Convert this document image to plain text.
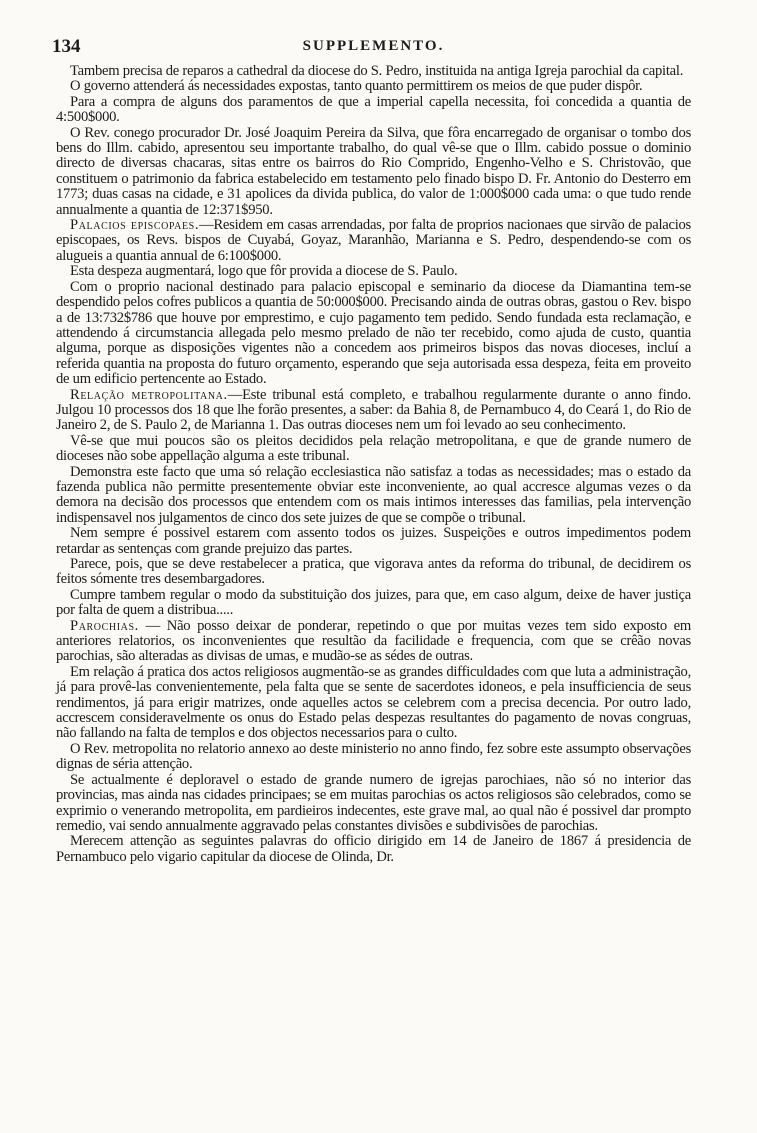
134	SUPPLEMENTO.

Tambem precisa de reparos a cathedral da diocese do S. Pedro, instituida na antiga Igreja parochial da capital.

O governo attenderá ás necessidades expostas, tanto quanto permittirem os meios de que puder dispôr.

Para a compra de alguns dos paramentos de que a imperial capella necessita, foi concedida a quantia de 4:500$000.

O Rev. conego procurador Dr. José Joaquim Pereira da Silva, que fôra encarregado de organisar o tombo dos bens do Illm. cabido, apresentou seu importante trabalho, do qual vê-se que o Illm. cabido possue o dominio directo de diversas chacaras, sitas entre os bairros do Rio Comprido, Engenho-Velho e S. Christovão, que constituem o patrimonio da fabrica estabelecido em testamento pelo finado bispo D. Fr. Antonio do Desterro em 1773; duas casas na cidade, e 31 apolices da divida publica, do valor de 1:000$000 cada uma: o que tudo rende annualmente a quantia de 12:371$950.

Palacios episcopaes.—Residem em casas arrendadas, por falta de proprios nacionaes que sirvão de palacios episcopaes, os Revs. bispos de Cuyabá, Goyaz, Maranhão, Marianna e S. Pedro, despendendo-se com os alugueis a quantia annual de 6:100$000.

Esta despeza augmentará, logo que fôr provida a diocese de S. Paulo.

Com o proprio nacional destinado para palacio episcopal e seminario da diocese da Diamantina tem-se despendido pelos cofres publicos a quantia de 50:000$000. Precisando ainda de outras obras, gastou o Rev. bispo a de 13:732$786 que houve por emprestimo, e cujo pagamento tem pedido. Sendo fundada esta reclamação, e attendendo á circumstancia allegada pelo mesmo prelado de não ter recebido, como ajuda de custo, quantia alguma, porque as disposições vigentes não a concedem aos primeiros bispos das novas dioceses, incluí a referida quantia na proposta do futuro orçamento, esperando que seja autorisada essa despeza, feita em proveito de um edificio pertencente ao Estado.

Relação metropolitana.—Este tribunal está completo, e trabalhou regularmente durante o anno findo. Julgou 10 processos dos 18 que lhe forão presentes, a saber: da Bahia 8, de Pernambuco 4, do Ceará 1, do Rio de Janeiro 2, de S. Paulo 2, de Marianna 1. Das outras dioceses nem um foi levado ao seu conhecimento.

Vê-se que mui poucos são os pleitos decididos pela relação metropolitana, e que de grande numero de dioceses não sobe appellação alguma a este tribunal.

Demonstra este facto que uma só relação ecclesiastica não satisfaz a todas as necessidades; mas o estado da fazenda publica não permitte presentemente obviar este inconveniente, ao qual accresce algumas vezes o da demora na decisão dos processos que entendem com os mais intimos interesses das familias, pela intervenção indispensavel nos julgamentos de cinco dos sete juizes de que se compõe o tribunal.

Nem sempre é possivel estarem com assento todos os juizes. Suspeições e outros impedimentos podem retardar as sentenças com grande prejuizo das partes.

Parece, pois, que se deve restabelecer a pratica, que vigorava antes da reforma do tribunal, de decidirem os feitos sómente tres desembargadores.

Cumpre tambem regular o modo da substituição dos juizes, para que, em caso algum, deixe de haver justiça por falta de quem a distribua.....

Parochias. — Não posso deixar de ponderar, repetindo o que por muitas vezes tem sido exposto em anteriores relatorios, os inconvenientes que resultão da facilidade e frequencia, com que se crêão novas parochias, são alteradas as divisas de umas, e mudão-se as sédes de outras.

Em relação á pratica dos actos religiosos augmentão-se as grandes difficuldades com que luta a administração, já para provê-las convenientemente, pela falta que se sente de sacerdotes idoneos, e pela insufficiencia de seus rendimentos, já para erigir matrizes, onde aquelles actos se celebrem com a precisa decencia. Por outro lado, accrescem consideravelmente os onus do Estado pelas despezas resultantes do pagamento de novas congruas, não fallando na falta de templos e dos objectos necessarios para o culto.

O Rev. metropolita no relatorio annexo ao deste ministerio no anno findo, fez sobre este assumpto observações dignas de séria attenção.

Se actualmente é deploravel o estado de grande numero de igrejas parochiaes, não só no interior das provincias, mas ainda nas cidades principaes; se em muitas parochias os actos religiosos são celebrados, como se exprimio o venerando metropolita, em pardieiros indecentes, este grave mal, ao qual não é possivel dar prompto remedio, vai sendo annualmente aggravado pelas constantes divisões e subdivisões de parochias.

Merecem attenção as seguintes palavras do officio dirigido em 14 de Janeiro de 1867 á presidencia de Pernambuco pelo vigario capitular da diocese de Olinda, Dr.
